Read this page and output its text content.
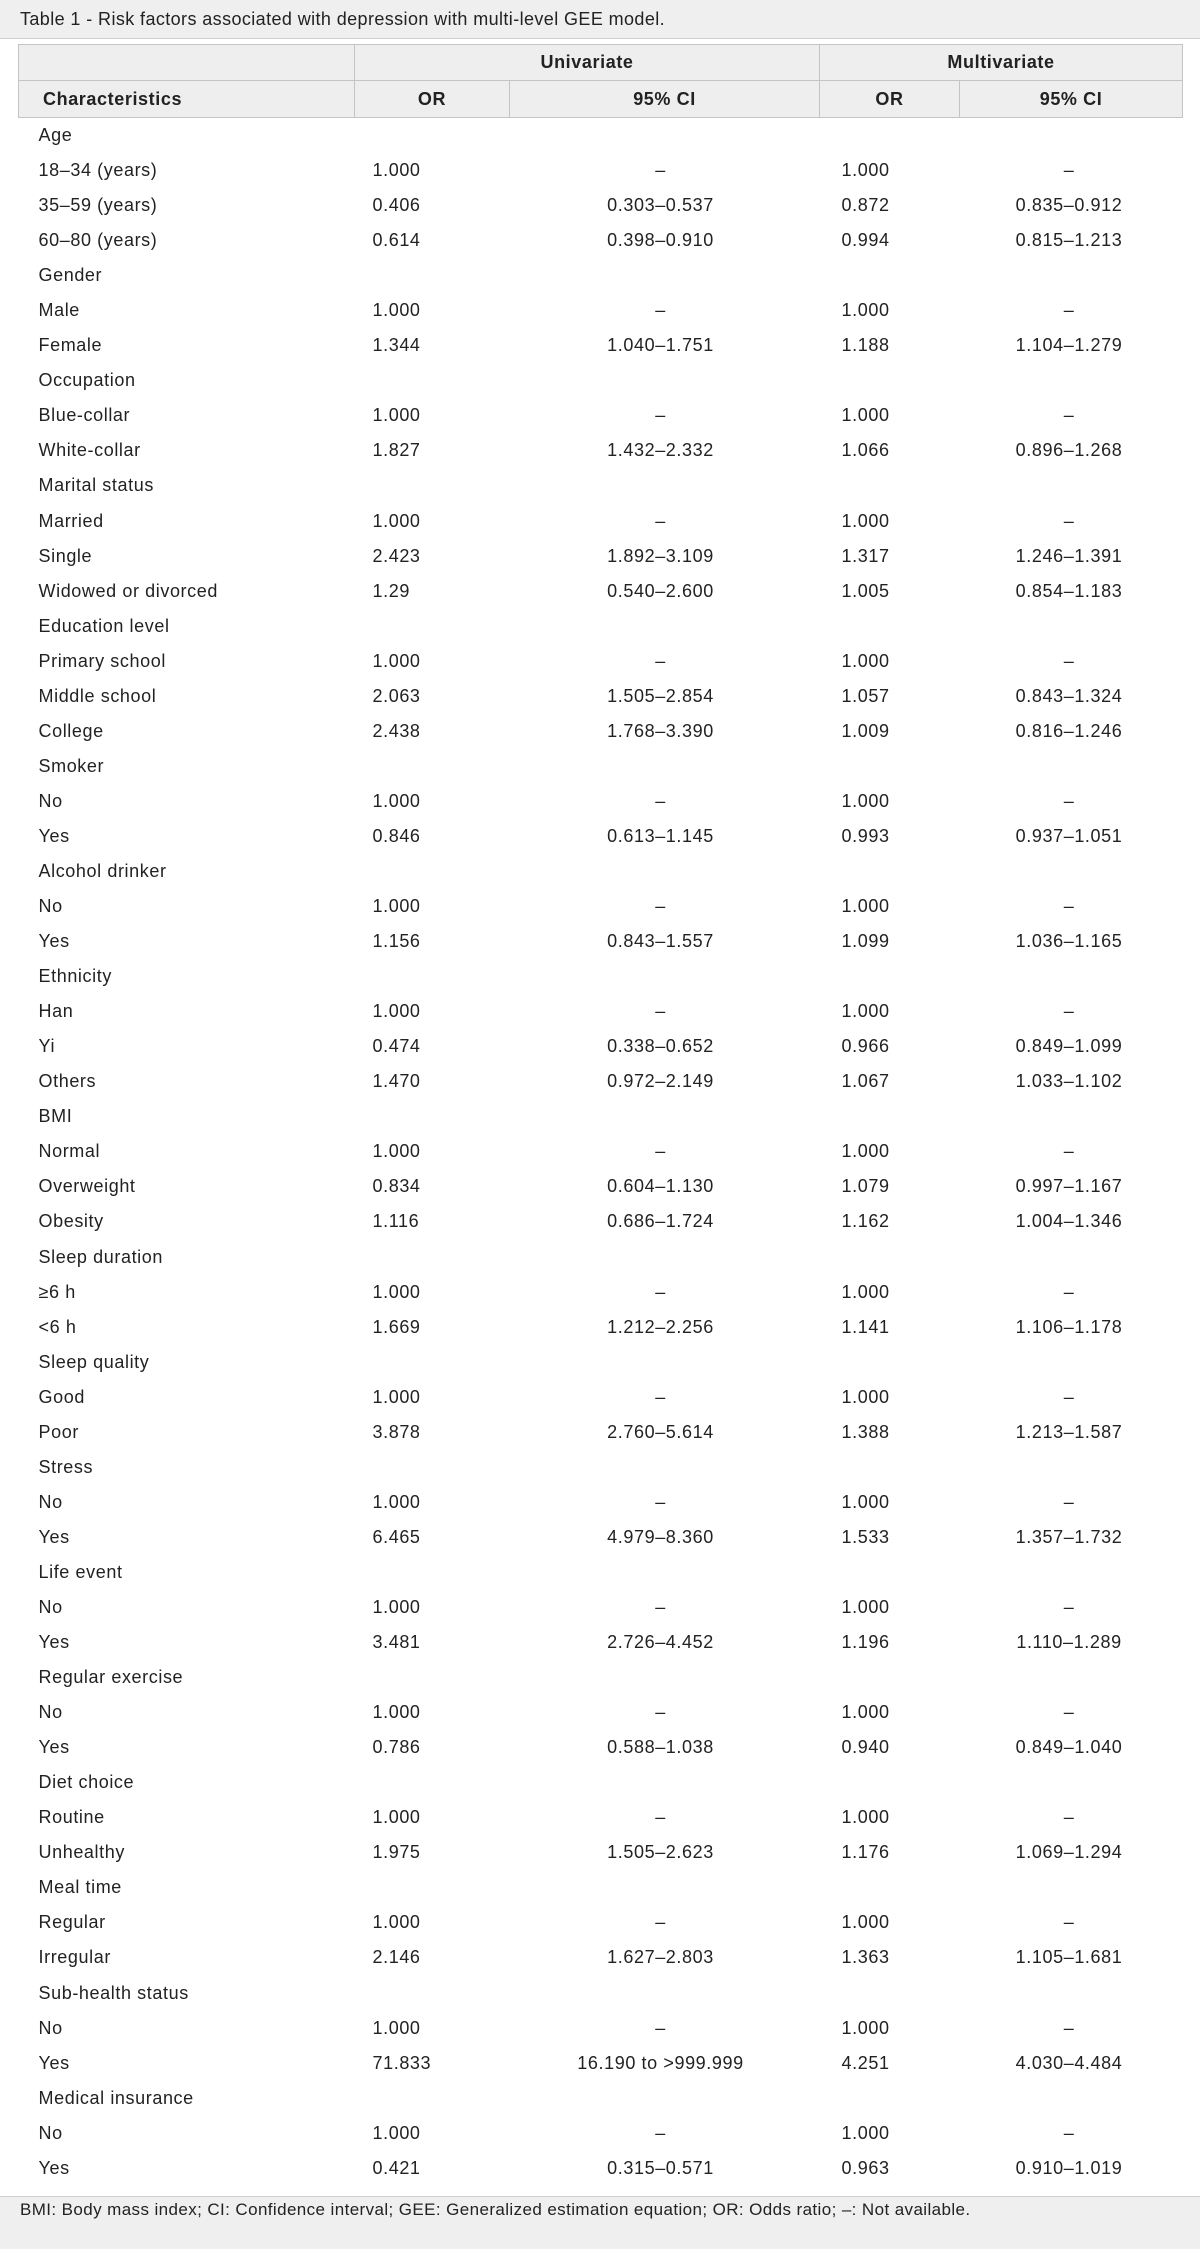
Table 1 - Risk factors associated with depression with multi-level GEE model.
	Univariate		Multivariate	
Characteristics	OR	95% CI	OR	95% CI
Age				
18–34 (years)	1.000	–	1.000	–
35–59 (years)	0.406	0.303–0.537	0.872	0.835–0.912
60–80 (years)	0.614	0.398–0.910	0.994	0.815–1.213
Gender				
Male	1.000	–	1.000	–
Female	1.344	1.040–1.751	1.188	1.104–1.279
Occupation				
Blue-collar	1.000	–	1.000	–
White-collar	1.827	1.432–2.332	1.066	0.896–1.268
Marital status				
Married	1.000	–	1.000	–
Single	2.423	1.892–3.109	1.317	1.246–1.391
Widowed or divorced	1.29	0.540–2.600	1.005	0.854–1.183
Education level				
Primary school	1.000	–	1.000	–
Middle school	2.063	1.505–2.854	1.057	0.843–1.324
College	2.438	1.768–3.390	1.009	0.816–1.246
Smoker				
No	1.000	–	1.000	–
Yes	0.846	0.613–1.145	0.993	0.937–1.051
Alcohol drinker				
No	1.000	–	1.000	–
Yes	1.156	0.843–1.557	1.099	1.036–1.165
Ethnicity				
Han	1.000	–	1.000	–
Yi	0.474	0.338–0.652	0.966	0.849–1.099
Others	1.470	0.972–2.149	1.067	1.033–1.102
BMI				
Normal	1.000	–	1.000	–
Overweight	0.834	0.604–1.130	1.079	0.997–1.167
Obesity	1.116	0.686–1.724	1.162	1.004–1.346
Sleep duration				
≥6 h	1.000	–	1.000	–
<6 h	1.669	1.212–2.256	1.141	1.106–1.178
Sleep quality				
Good	1.000	–	1.000	–
Poor	3.878	2.760–5.614	1.388	1.213–1.587
Stress				
No	1.000	–	1.000	–
Yes	6.465	4.979–8.360	1.533	1.357–1.732
Life event				
No	1.000	–	1.000	–
Yes	3.481	2.726–4.452	1.196	1.110–1.289
Regular exercise				
No	1.000	–	1.000	–
Yes	0.786	0.588–1.038	0.940	0.849–1.040
Diet choice				
Routine	1.000	–	1.000	–
Unhealthy	1.975	1.505–2.623	1.176	1.069–1.294
Meal time				
Regular	1.000	–	1.000	–
Irregular	2.146	1.627–2.803	1.363	1.105–1.681
Sub-health status				
No	1.000	–	1.000	–
Yes	71.833	16.190 to >999.999	4.251	4.030–4.484
Medical insurance				
No	1.000	–	1.000	–
Yes	0.421	0.315–0.571	0.963	0.910–1.019
BMI: Body mass index; CI: Confidence interval; GEE: Generalized estimation equation; OR: Odds ratio; –: Not available.
